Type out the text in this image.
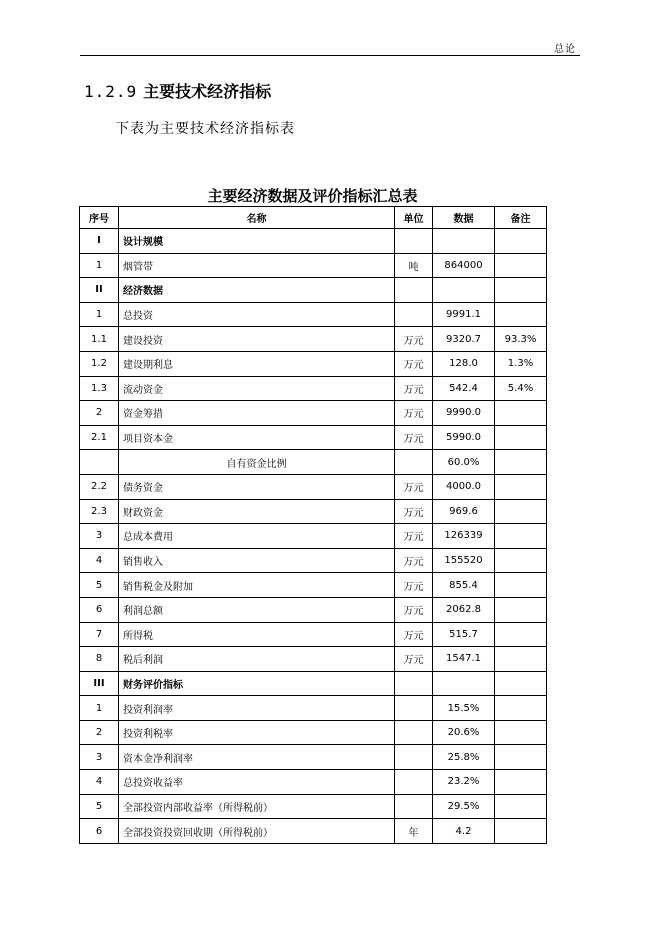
总论
1.2.9 主要技术经济指标
下表为主要技术经济指标表
主要经济数据及评价指标汇总表
序号	名称	单位	数据	备注
I	设计规模			
1	烟管带	吨	864000	
II	经济数据			
1	总投资		9991.1	
1.1	建设投资	万元	9320.7	93.3%
1.2	建设期利息	万元	128.0	1.3%
1.3	流动资金	万元	542.4	5.4%
2	资金筹措	万元	9990.0	
2.1	项目资本金	万元	5990.0	
	自有资金比例		60.0%	
2.2	债务资金	万元	4000.0	
2.3	财政资金	万元	969.6	
3	总成本费用	万元	126339	
4	销售收入	万元	155520	
5	销售税金及附加	万元	855.4	
6	利润总额	万元	2062.8	
7	所得税	万元	515.7	
8	税后利润	万元	1547.1	
III	财务评价指标			
1	投资利润率		15.5%	
2	投资利税率		20.6%	
3	资本金净利润率		25.8%	
4	总投资收益率		23.2%	
5	全部投资内部收益率（所得税前）		29.5%	
6	全部投资投资回收期（所得税前）	年	4.2	
